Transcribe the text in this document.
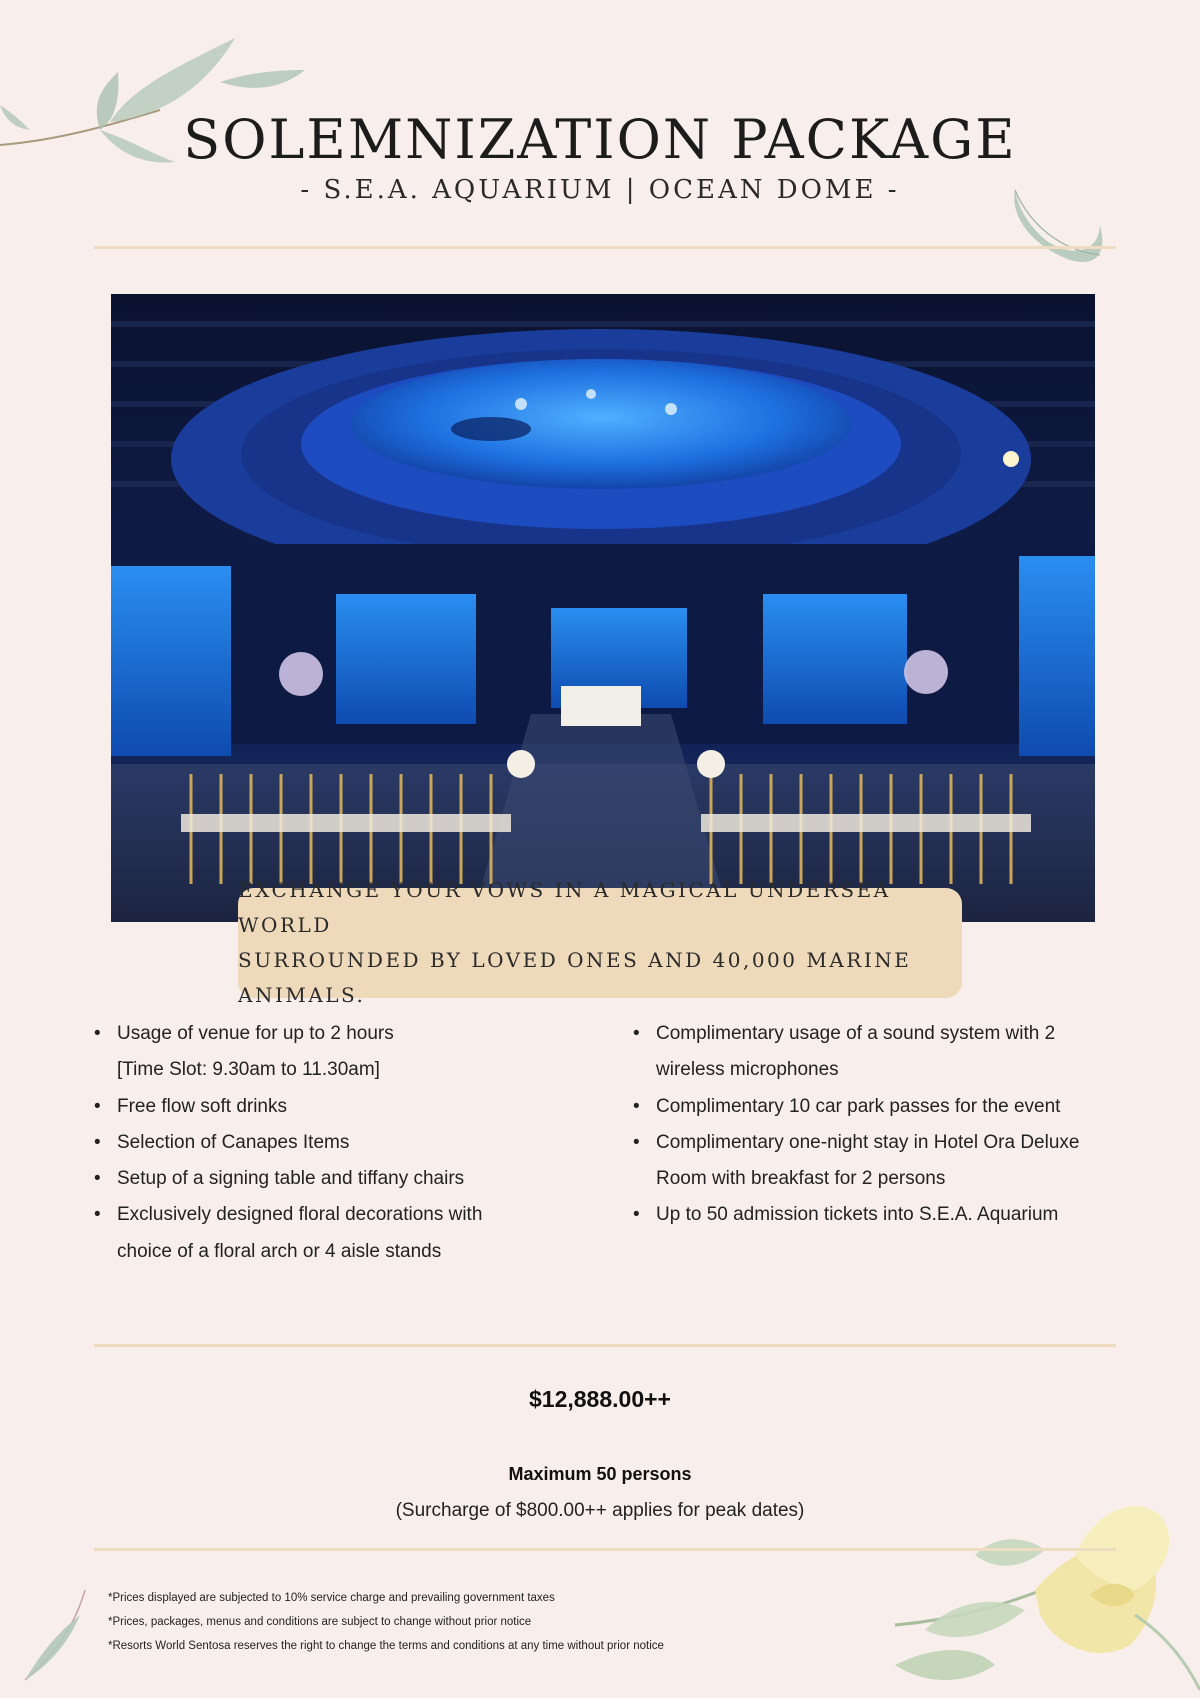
SOLEMNIZATION PACKAGE
- S.E.A. AQUARIUM | OCEAN DOME -
EXCHANGE YOUR VOWS IN A MAGICAL UNDERSEA WORLD
SURROUNDED BY LOVED ONES AND 40,000 MARINE ANIMALS.
• Usage of venue for up to 2 hours
[Time Slot: 9.30am to 11.30am]
• Free flow soft drinks
• Selection of Canapes Items
• Setup of a signing table and tiffany chairs
• Exclusively designed floral decorations with
choice of a floral arch or 4 aisle stands
• Complimentary usage of a sound system with 2
wireless microphones
• Complimentary 10 car park passes for the event
• Complimentary one-night stay in Hotel Ora Deluxe
Room with breakfast for 2 persons
• Up to 50 admission tickets into S.E.A. Aquarium
$12,888.00++
Maximum 50 persons
(Surcharge of $800.00++ applies for peak dates)
*Prices displayed are subjected to 10% service charge and prevailing government taxes
*Prices, packages, menus and conditions are subject to change without prior notice
*Resorts World Sentosa reserves the right to change the terms and conditions at any time without prior notice
